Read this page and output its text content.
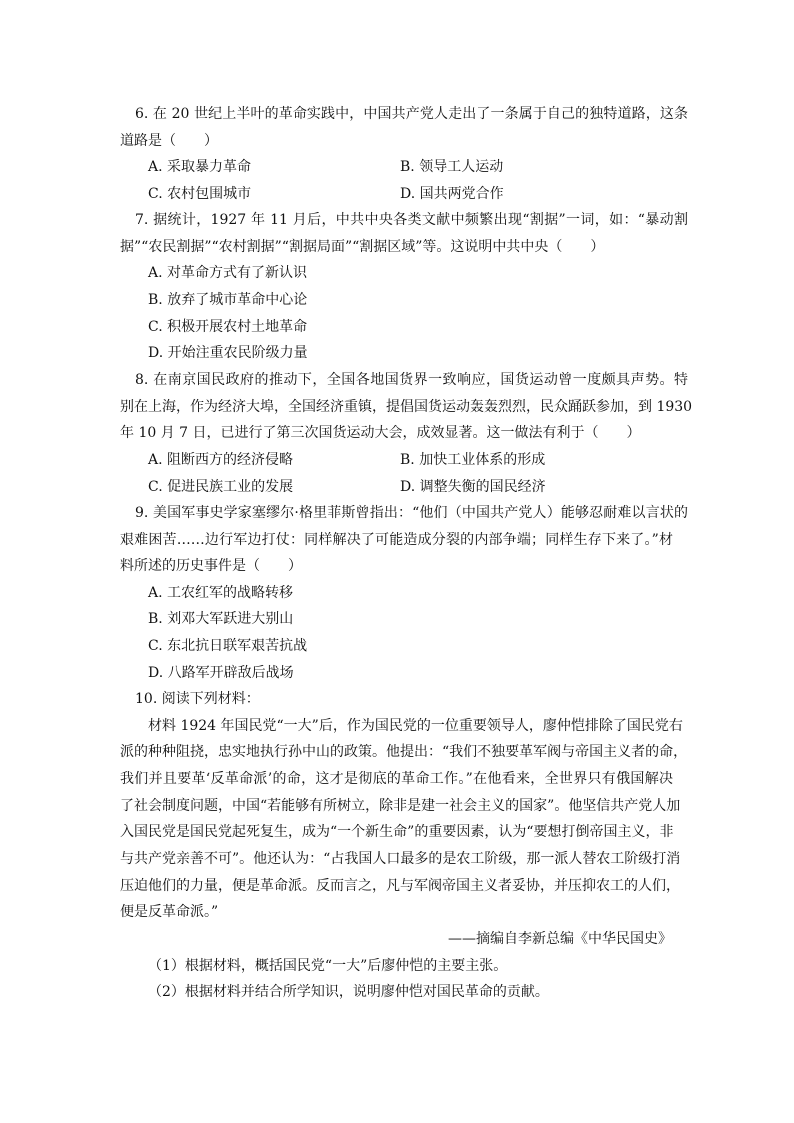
6. 在 20 世纪上半叶的革命实践中，中国共产党人走出了一条属于自己的独特道路，这条
道路是（　　）
A. 采取暴力革命	B. 领导工人运动
C. 农村包围城市	D. 国共两党合作
7. 据统计，1927 年 11 月后，中共中央各类文献中频繁出现“割据”一词，如：“暴动割
据”“农民割据”“农村割据”“割据局面”“割据区域”等。这说明中共中央（　　）
A. 对革命方式有了新认识
B. 放弃了城市革命中心论
C. 积极开展农村土地革命
D. 开始注重农民阶级力量
8. 在南京国民政府的推动下，全国各地国货界一致响应，国货运动曾一度颇具声势。特
别在上海，作为经济大埠，全国经济重镇，提倡国货运动轰轰烈烈，民众踊跃参加，到 1930
年 10 月 7 日，已进行了第三次国货运动大会，成效显著。这一做法有利于（　　）
A. 阻断西方的经济侵略	B. 加快工业体系的形成
C. 促进民族工业的发展	D. 调整失衡的国民经济
9. 美国军事史学家塞缪尔·格里菲斯曾指出：“他们（中国共产党人）能够忍耐难以言状的
艰难困苦……边行军边打仗：同样解决了可能造成分裂的内部争端；同样生存下来了。”材
料所述的历史事件是（　　）
A. 工农红军的战略转移
B. 刘邓大军跃进大别山
C. 东北抗日联军艰苦抗战
D. 八路军开辟敌后战场
10. 阅读下列材料：
材料 1924 年国民党“一大”后，作为国民党的一位重要领导人，廖仲恺排除了国民党右
派的种种阻挠，忠实地执行孙中山的政策。他提出：“我们不独要革军阀与帝国主义者的命，
我们并且要革‘反革命派’的命，这才是彻底的革命工作。”在他看来，全世界只有俄国解决
了社会制度问题，中国“若能够有所树立，除非是建一社会主义的国家”。他坚信共产党人加
入国民党是国民党起死复生，成为“一个新生命”的重要因素，认为“要想打倒帝国主义，非
与共产党亲善不可”。他还认为：“占我国人口最多的是农工阶级，那一派人替农工阶级打消
压迫他们的力量，便是革命派。反而言之，凡与军阀帝国主义者妥协，并压抑农工的人们，
便是反革命派。”
——摘编自李新总编《中华民国史》
（1）根据材料，概括国民党“一大”后廖仲恺的主要主张。
（2）根据材料并结合所学知识，说明廖仲恺对国民革命的贡献。
